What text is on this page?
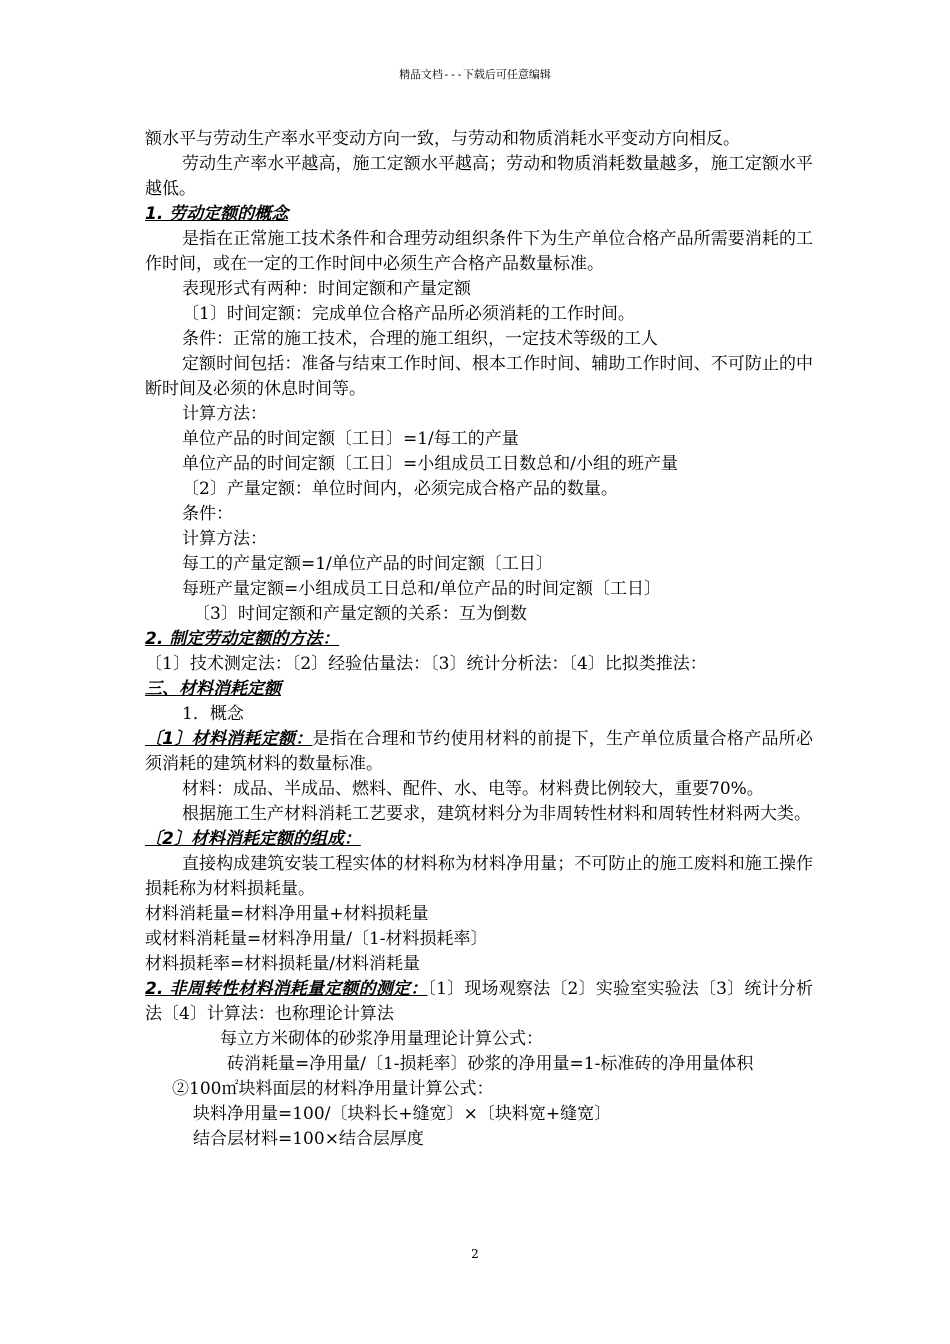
精品文档---下载后可任意编辑

额水平与劳动生产率水平变动方向一致，与劳动和物质消耗水平变动方向相反。

劳动生产率水平越高，施工定额水平越高；劳动和物质消耗数量越多，施工定额水平越低。

1. 劳动定额的概念

是指在正常施工技术条件和合理劳动组织条件下为生产单位合格产品所需要消耗的工作时间，或在一定的工作时间中必须生产合格产品数量标准。

表现形式有两种：时间定额和产量定额

〔1〕时间定额：完成单位合格产品所必须消耗的工作时间。

条件：正常的施工技术，合理的施工组织，一定技术等级的工人

定额时间包括：准备与结束工作时间、根本工作时间、辅助工作时间、不可防止的中断时间及必须的休息时间等。

计算方法：

单位产品的时间定额〔工日〕=1/每工的产量

单位产品的时间定额〔工日〕=小组成员工日数总和/小组的班产量

〔2〕产量定额：单位时间内，必须完成合格产品的数量。

条件：

计算方法：

每工的产量定额=1/单位产品的时间定额〔工日〕

每班产量定额=小组成员工日总和/单位产品的时间定额〔工日〕

〔3〕时间定额和产量定额的关系：互为倒数

2. 制定劳动定额的方法：

〔1〕技术测定法：〔2〕经验估量法：〔3〕统计分析法：〔4〕比拟类推法：

三、材料消耗定额

1．概念

〔1〕材料消耗定额：是指在合理和节约使用材料的前提下，生产单位质量合格产品所必须消耗的建筑材料的数量标准。

材料：成品、半成品、燃料、配件、水、电等。材料费比例较大，重要70%。

根据施工生产材料消耗工艺要求，建筑材料分为非周转性材料和周转性材料两大类。

〔2〕材料消耗定额的组成：

直接构成建筑安装工程实体的材料称为材料净用量；不可防止的施工废料和施工操作损耗称为材料损耗量。

材料消耗量=材料净用量+材料损耗量

或材料消耗量=材料净用量/〔1-材料损耗率〕

材料损耗率=材料损耗量/材料消耗量

2. 非周转性材料消耗量定额的测定：〔1〕现场观察法〔2〕实验室实验法〔3〕统计分析法〔4〕计算法：也称理论计算法

每立方米砌体的砂浆净用量理论计算公式：

砖消耗量=净用量/〔1-损耗率〕砂浆的净用量=1-标准砖的净用量体积

②100㎡块料面层的材料净用量计算公式：

块料净用量=100/〔块料长+缝宽〕×〔块料宽+缝宽〕

结合层材料=100×结合层厚度

2
